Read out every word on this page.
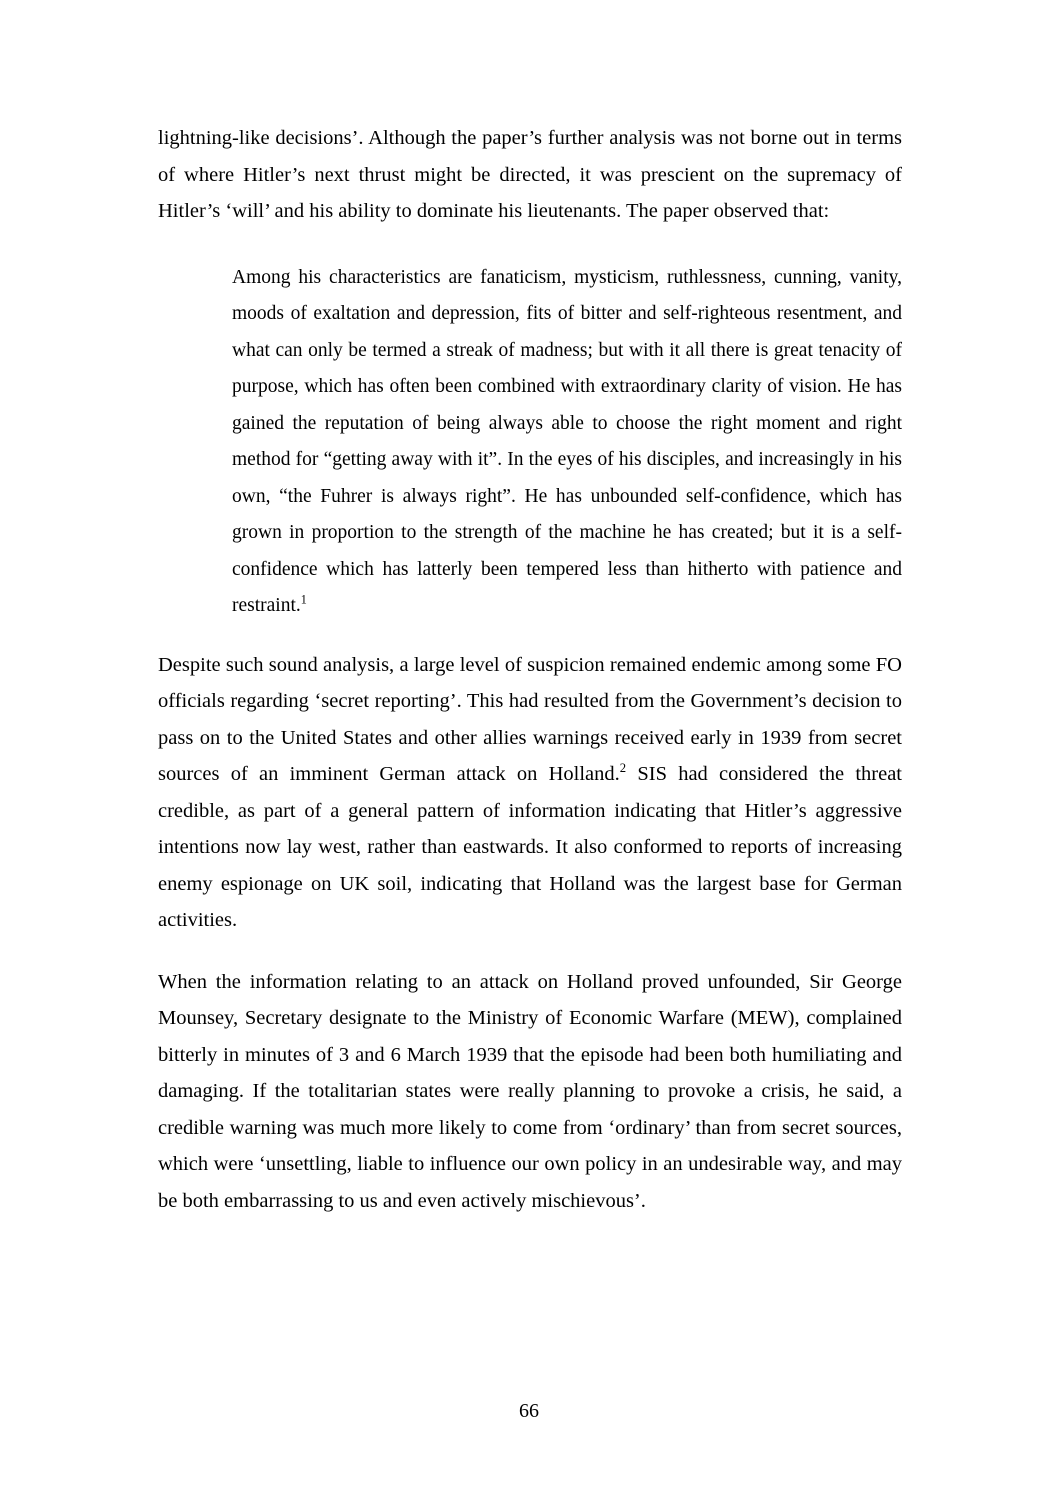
lightning-like decisions’. Although the paper’s further analysis was not borne out in terms of where Hitler’s next thrust might be directed, it was prescient on the supremacy of Hitler’s ‘will’ and his ability to dominate his lieutenants. The paper observed that:

Among his characteristics are fanaticism, mysticism, ruthlessness, cunning, vanity, moods of exaltation and depression, fits of bitter and self-righteous resentment, and what can only be termed a streak of madness; but with it all there is great tenacity of purpose, which has often been combined with extraordinary clarity of vision. He has gained the reputation of being always able to choose the right moment and right method for “getting away with it”. In the eyes of his disciples, and increasingly in his own, “the Fuhrer is always right”. He has unbounded self-confidence, which has grown in proportion to the strength of the machine he has created; but it is a self-confidence which has latterly been tempered less than hitherto with patience and restraint.$^1$

Despite such sound analysis, a large level of suspicion remained endemic among some FO officials regarding ‘secret reporting’. This had resulted from the Government’s decision to pass on to the United States and other allies warnings received early in 1939 from secret sources of an imminent German attack on Holland.$^2$ SIS had considered the threat credible, as part of a general pattern of information indicating that Hitler’s aggressive intentions now lay west, rather than eastwards. It also conformed to reports of increasing enemy espionage on UK soil, indicating that Holland was the largest base for German activities.

When the information relating to an attack on Holland proved unfounded, Sir George Mounsey, Secretary designate to the Ministry of Economic Warfare (MEW), complained bitterly in minutes of 3 and 6 March 1939 that the episode had been both humiliating and damaging. If the totalitarian states were really planning to provoke a crisis, he said, a credible warning was much more likely to come from ‘ordinary’ than from secret sources, which were ‘unsettling, liable to influence our own policy in an undesirable way, and may be both embarrassing to us and even actively mischievous’.

66
